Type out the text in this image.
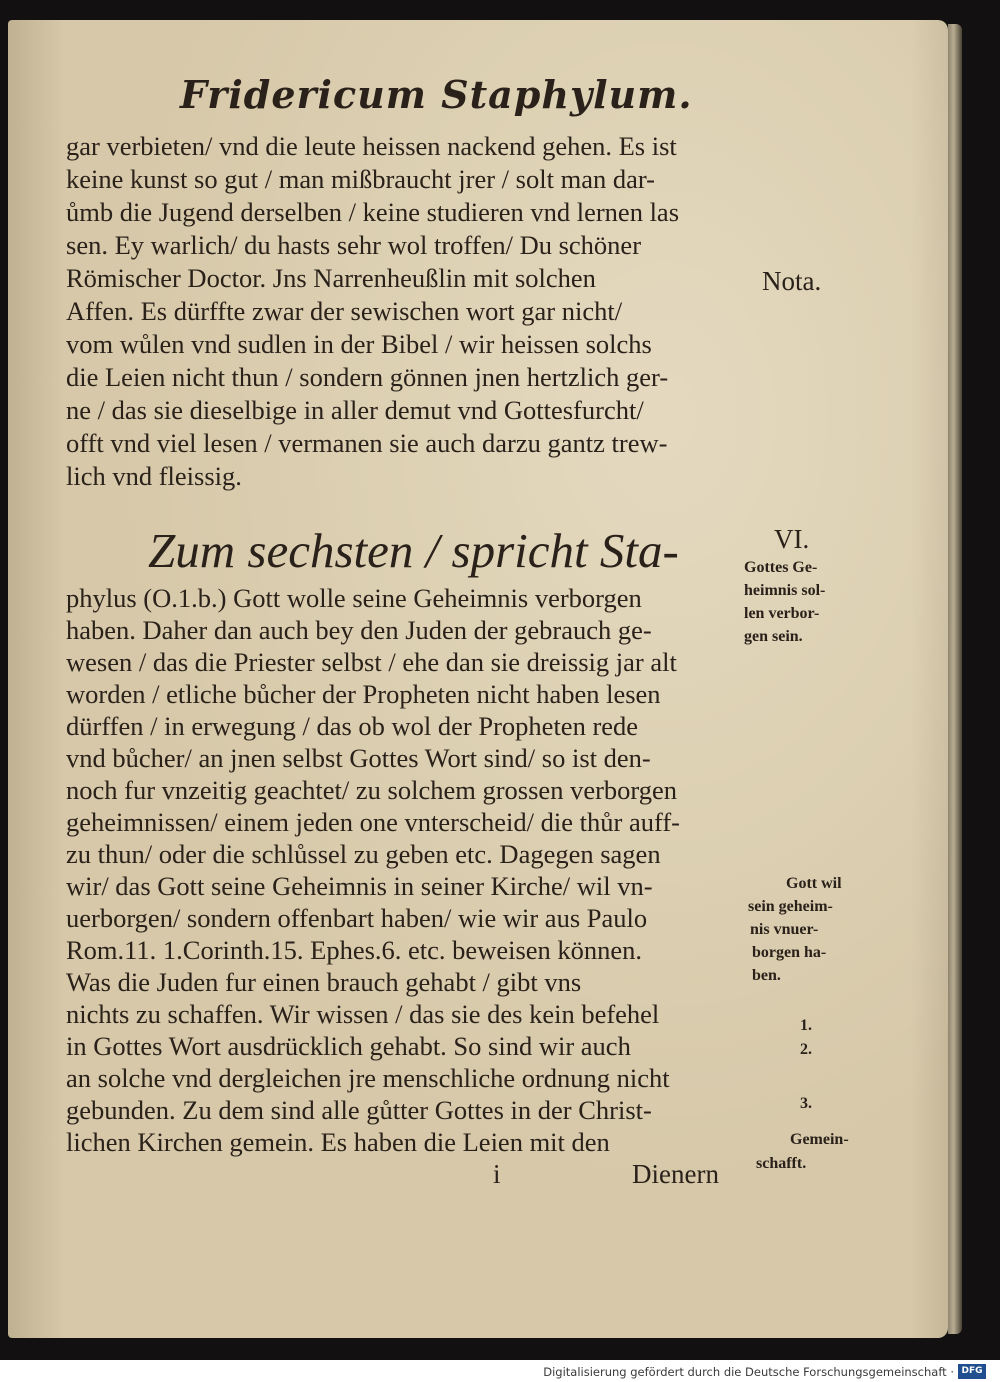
Fridericum Staphylum.
gar verbieten/ vnd die leute heissen nackend gehen. Es ist
keine kunst so gut / man mißbraucht jrer / solt man dar-
ůmb die Jugend derselben / keine studieren vnd lernen las
sen. Ey warlich/ du hasts sehr wol troffen/ Du schöner
Römischer Doctor. Jns Narrenheußlin mit solchen
Affen. Es dürffte zwar der sewischen wort gar nicht/
vom wůlen vnd sudlen in der Bibel / wir heissen solchs
die Leien nicht thun / sondern gönnen jnen hertzlich ger-
ne / das sie dieselbige in aller demut vnd Gottesfurcht/
offt vnd viel lesen / vermanen sie auch darzu gantz trew-
lich vnd fleissig.
Zum sechsten / spricht Sta-
phylus (O.1.b.) Gott wolle seine Geheimnis verborgen
haben. Daher dan auch bey den Juden der gebrauch ge-
wesen / das die Priester selbst / ehe dan sie dreissig jar alt
worden / etliche bůcher der Propheten nicht haben lesen
dürffen / in erwegung / das ob wol der Propheten rede
vnd bůcher/ an jnen selbst Gottes Wort sind/ so ist den-
noch fur vnzeitig geachtet/ zu solchem grossen verborgen
geheimnissen/ einem jeden one vnterscheid/ die thůr auff-
zu thun/ oder die schlůssel zu geben etc. Dagegen sagen
wir/ das Gott seine Geheimnis in seiner Kirche/ wil vn-
uerborgen/ sondern offenbart haben/ wie wir aus Paulo
Rom.11. 1.Corinth.15. Ephes.6. etc. beweisen können.
Was die Juden fur einen brauch gehabt / gibt vns
nichts zu schaffen. Wir wissen / das sie des kein befehel
in Gottes Wort ausdrücklich gehabt. So sind wir auch
an solche vnd dergleichen jre menschliche ordnung nicht
gebunden. Zu dem sind alle gůtter Gottes in der Christ-
lichen Kirchen gemein. Es haben die Leien mit den
i	Dienern
Nota.
VI.
Gottes Ge-
heimnis sol-
len verbor-
gen sein.
Gott wil
sein geheim-
nis vnuer-
borgen ha-
ben.
1.
2.
3.
Gemein-
schafft.
Digitalisierung gefördert durch die Deutsche Forschungsgemeinschaft · DFG
